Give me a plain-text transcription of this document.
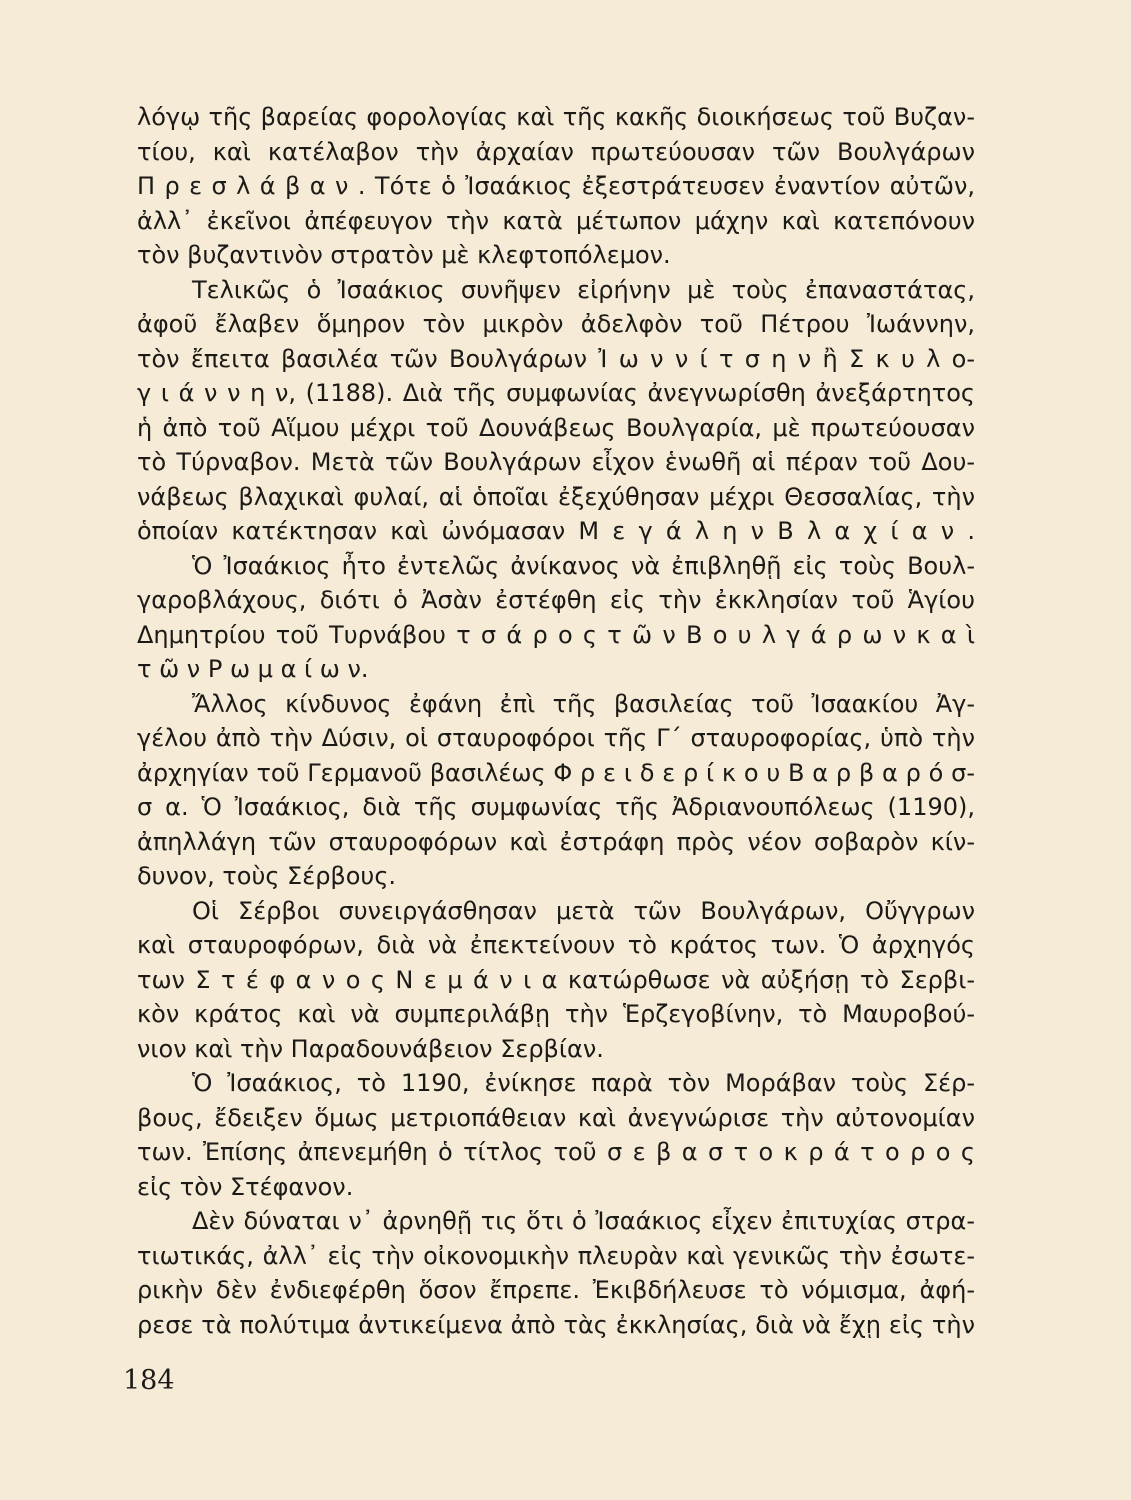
λόγῳ τῆς βαρείας φορολογίας καὶ τῆς κακῆς διοικήσεως τοῦ Βυζαν-
τίου, καὶ κατέλαβον τὴν ἀρχαίαν πρωτεύουσαν τῶν Βουλγάρων
Π ρ ε σ λ ά β α ν . Τότε ὁ Ἰσαάκιος ἐξεστράτευσεν ἐναντίον αὐτῶν,
ἀλλ᾽ ἐκεῖνοι ἀπέφευγον τὴν κατὰ μέτωπον μάχην καὶ κατεπόνουν
τὸν βυζαντινὸν στρατὸν μὲ κλεφτοπόλεμον.
Τελικῶς ὁ Ἰσαάκιος συνῆψεν εἰρήνην μὲ τοὺς ἐπαναστάτας,
ἀφοῦ ἔλαβεν ὅμηρον τὸν μικρὸν ἀδελφὸν τοῦ Πέτρου Ἰωάννην,
τὸν ἔπειτα βασιλέα τῶν Βουλγάρων Ἰ ω ν ν ί τ σ η ν ἢ Σ κ υ λ ο-
γ ι ά ν ν η ν, (1188). Διὰ τῆς συμφωνίας ἀνεγνωρίσθη ἀνεξάρτητος
ἡ ἀπὸ τοῦ Αἵμου μέχρι τοῦ Δουνάβεως Βουλγαρία, μὲ πρωτεύουσαν
τὸ Τύρναβον. Μετὰ τῶν Βουλγάρων εἶχον ἑνωθῆ αἱ πέραν τοῦ Δου-
νάβεως βλαχικαὶ φυλαί, αἱ ὁποῖαι ἐξεχύθησαν μέχρι Θεσσαλίας, τὴν
ὁποίαν κατέκτησαν καὶ ὠνόμασαν Μ ε γ ά λ η ν Β λ α χ ί α ν .
Ὁ Ἰσαάκιος ἦτο ἐντελῶς ἀνίκανος νὰ ἐπιβληθῇ εἰς τοὺς Βουλ-
γαροβλάχους, διότι ὁ Ἀσὰν ἐστέφθη εἰς τὴν ἐκκλησίαν τοῦ Ἁγίου
Δημητρίου τοῦ Τυρνάβου τ σ ά ρ ο ς τ ῶ ν Β ο υ λ γ ά ρ ω ν κ α ὶ
τ ῶ ν Ρ ω μ α ί ω ν.
Ἄλλος κίνδυνος ἐφάνη ἐπὶ τῆς βασιλείας τοῦ Ἰσαακίου Ἀγ-
γέλου ἀπὸ τὴν Δύσιν, οἱ σταυροφόροι τῆς Γ΄ σταυροφορίας, ὑπὸ τὴν
ἀρχηγίαν τοῦ Γερμανοῦ βασιλέως Φ ρ ε ι δ ε ρ ί κ ο υ Β α ρ β α ρ ό σ-
σ α. Ὁ Ἰσαάκιος, διὰ τῆς συμφωνίας τῆς Ἀδριανουπόλεως (1190),
ἀπηλλάγη τῶν σταυροφόρων καὶ ἐστράφη πρὸς νέον σοβαρὸν κίν-
δυνον, τοὺς Σέρβους.
Οἱ Σέρβοι συνειργάσθησαν μετὰ τῶν Βουλγάρων, Οὔγγρων
καὶ σταυροφόρων, διὰ νὰ ἐπεκτείνουν τὸ κράτος των. Ὁ ἀρχηγός
των Σ τ έ φ α ν ο ς Ν ε μ ά ν ι α κατώρθωσε νὰ αὐξήσῃ τὸ Σερβι-
κὸν κράτος καὶ νὰ συμπεριλάβῃ τὴν Ἑρζεγοβίνην, τὸ Μαυροβού-
νιον καὶ τὴν Παραδουνάβειον Σερβίαν.
Ὁ Ἰσαάκιος, τὸ 1190, ἐνίκησε παρὰ τὸν Μοράβαν τοὺς Σέρ-
βους, ἔδειξεν ὅμως μετριοπάθειαν καὶ ἀνεγνώρισε τὴν αὐτονομίαν
των. Ἐπίσης ἀπενεμήθη ὁ τίτλος τοῦ σ ε β α σ τ ο κ ρ ά τ ο ρ ο ς
εἰς τὸν Στέφανον.
Δὲν δύναται ν᾽ ἀρνηθῇ τις ὅτι ὁ Ἰσαάκιος εἶχεν ἐπιτυχίας στρα-
τιωτικάς, ἀλλ᾽ εἰς τὴν οἰκονομικὴν πλευρὰν καὶ γενικῶς τὴν ἐσωτε-
ρικὴν δὲν ἐνδιεφέρθη ὅσον ἔπρεπε. Ἐκιβδήλευσε τὸ νόμισμα, ἀφή-
ρεσε τὰ πολύτιμα ἀντικείμενα ἀπὸ τὰς ἐκκλησίας, διὰ νὰ ἔχῃ εἰς τὴν
184
